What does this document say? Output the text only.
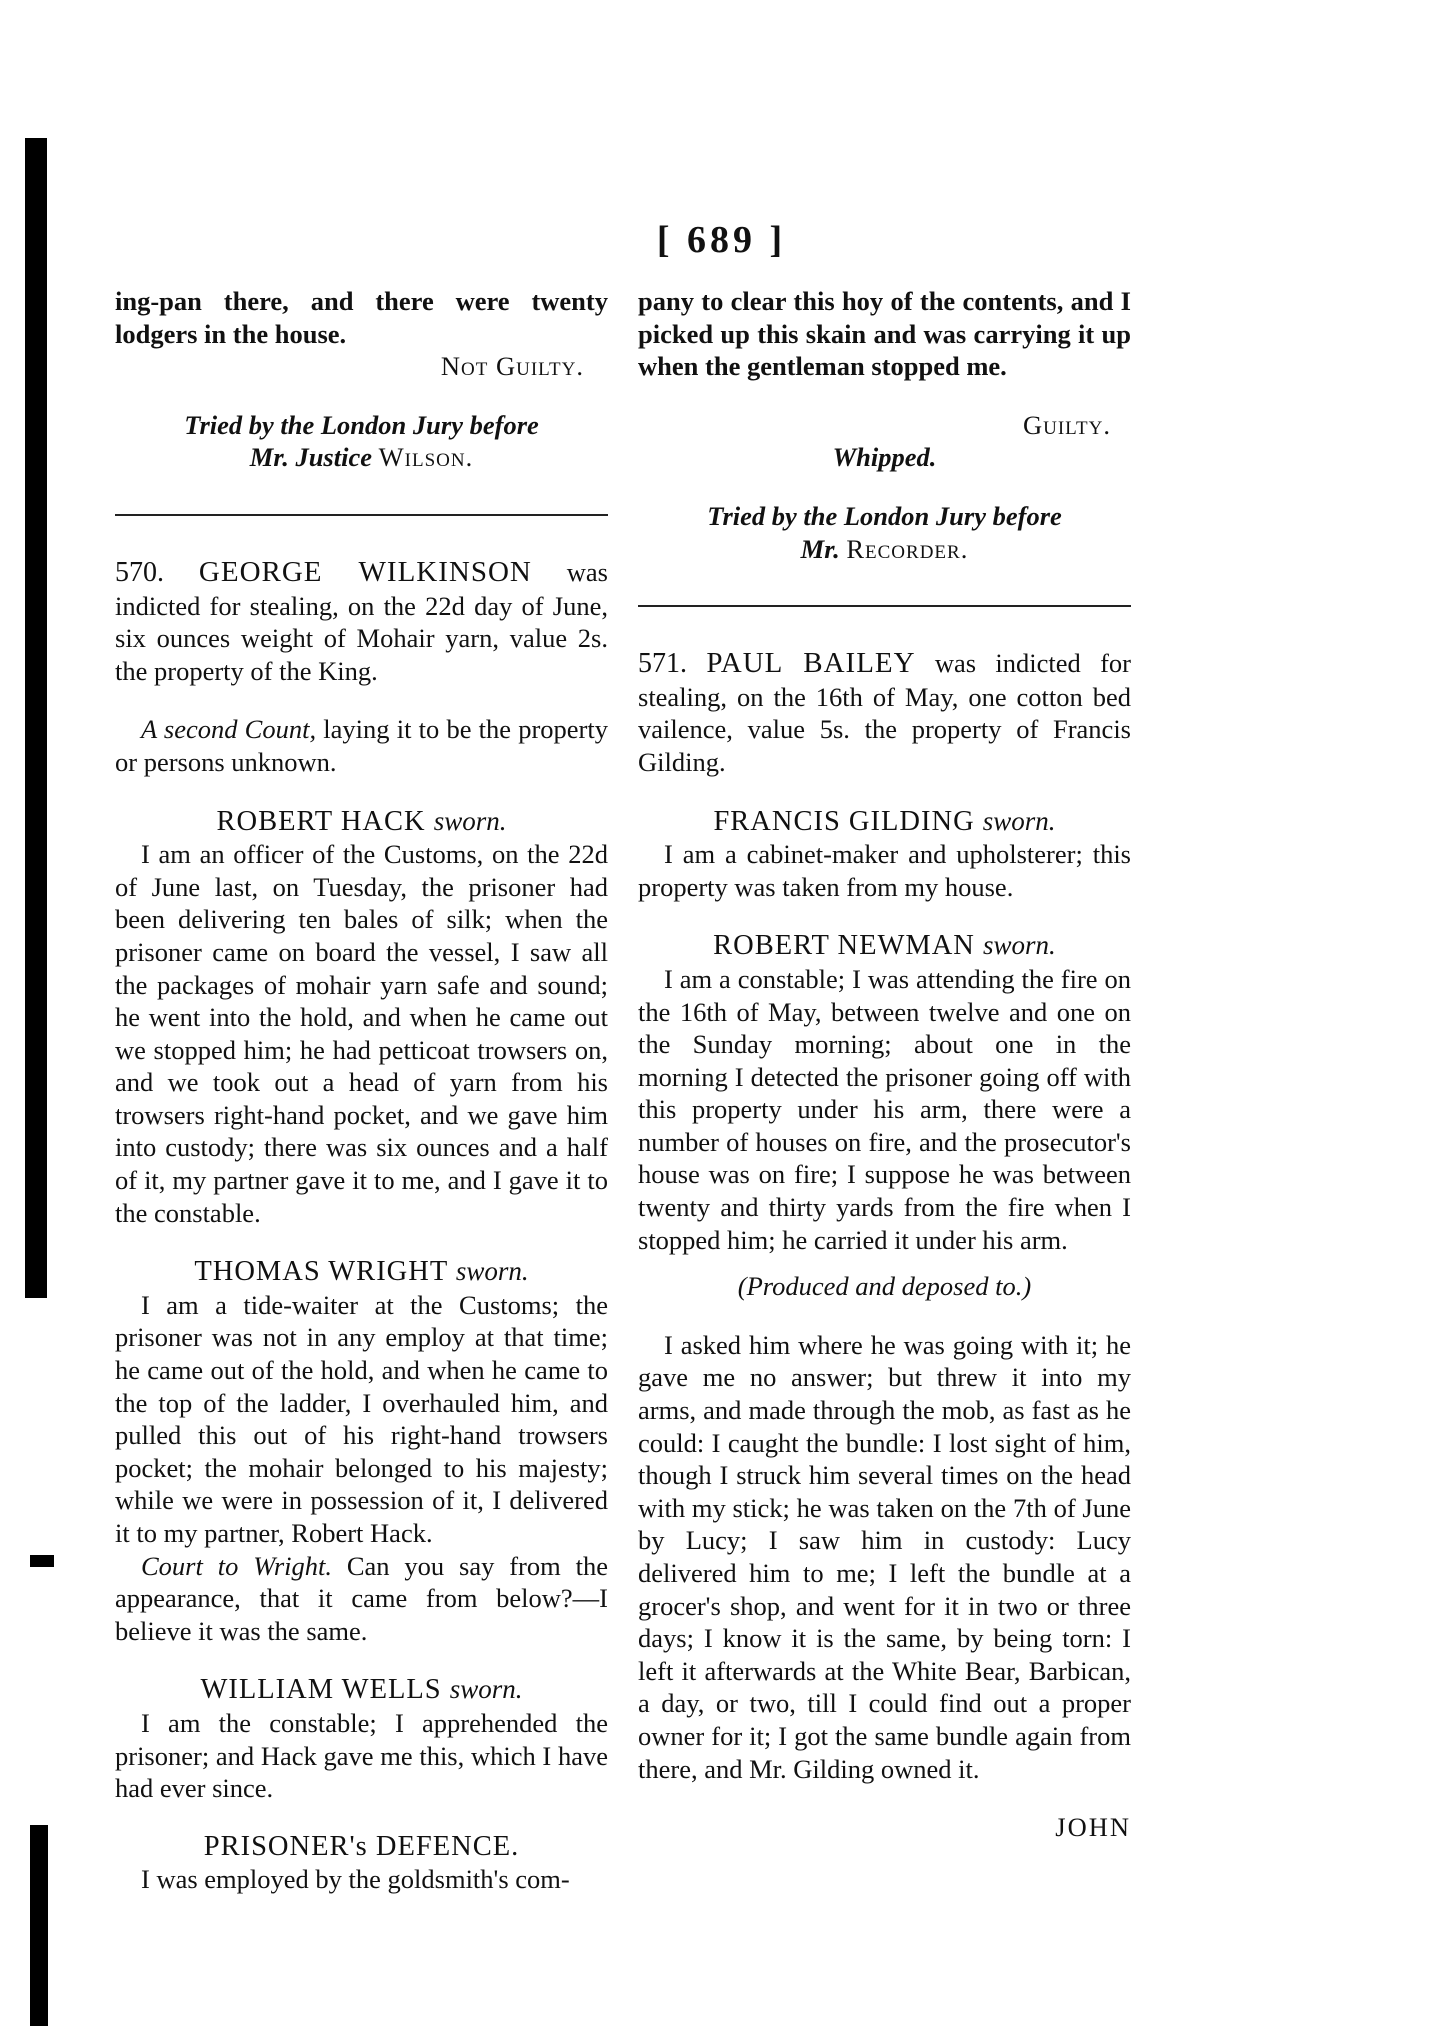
[ 689 ]

ing-pan there, and there were twenty lodgers in the house.

Not Guilty.

Tried by the London Jury before

Mr. Justice Wilson.

570. GEORGE WILKINSON was indicted for stealing, on the 22d day of June, six ounces weight of Mohair yarn, value 2s. the property of the King.

A second Count, laying it to be the property or persons unknown.

ROBERT HACK sworn.

I am an officer of the Customs, on the 22d of June last, on Tuesday, the prisoner had been delivering ten bales of silk; when the prisoner came on board the vessel, I saw all the packages of mohair yarn safe and sound; he went into the hold, and when he came out we stopped him; he had petticoat trowsers on, and we took out a head of yarn from his trowsers right-hand pocket, and we gave him into custody; there was six ounces and a half of it, my partner gave it to me, and I gave it to the constable.

THOMAS WRIGHT sworn.

I am a tide-waiter at the Customs; the prisoner was not in any employ at that time; he came out of the hold, and when he came to the top of the ladder, I overhauled him, and pulled this out of his right-hand trowsers pocket; the mohair belonged to his majesty; while we were in possession of it, I delivered it to my partner, Robert Hack.

Court to Wright. Can you say from the appearance, that it came from below?—I believe it was the same.

WILLIAM WELLS sworn.

I am the constable; I apprehended the prisoner; and Hack gave me this, which I have had ever since.

PRISONER's DEFENCE.

I was employed by the goldsmith's com-

pany to clear this hoy of the contents, and I picked up this skain and was carrying it up when the gentleman stopped me.

Guilty.

Whipped.

Tried by the London Jury before

Mr. Recorder.

571. PAUL BAILEY was indicted for stealing, on the 16th of May, one cotton bed vailence, value 5s. the property of Francis Gilding.

FRANCIS GILDING sworn.

I am a cabinet-maker and upholsterer; this property was taken from my house.

ROBERT NEWMAN sworn.

I am a constable; I was attending the fire on the 16th of May, between twelve and one on the Sunday morning; about one in the morning I detected the prisoner going off with this property under his arm, there were a number of houses on fire, and the prosecutor's house was on fire; I suppose he was between twenty and thirty yards from the fire when I stopped him; he carried it under his arm.

(Produced and deposed to.)

I asked him where he was going with it; he gave me no answer; but threw it into my arms, and made through the mob, as fast as he could: I caught the bundle: I lost sight of him, though I struck him several times on the head with my stick; he was taken on the 7th of June by Lucy; I saw him in custody: Lucy delivered him to me; I left the bundle at a grocer's shop, and went for it in two or three days; I know it is the same, by being torn: I left it afterwards at the White Bear, Barbican, a day, or two, till I could find out a proper owner for it; I got the same bundle again from there, and Mr. Gilding owned it.

JOHN
